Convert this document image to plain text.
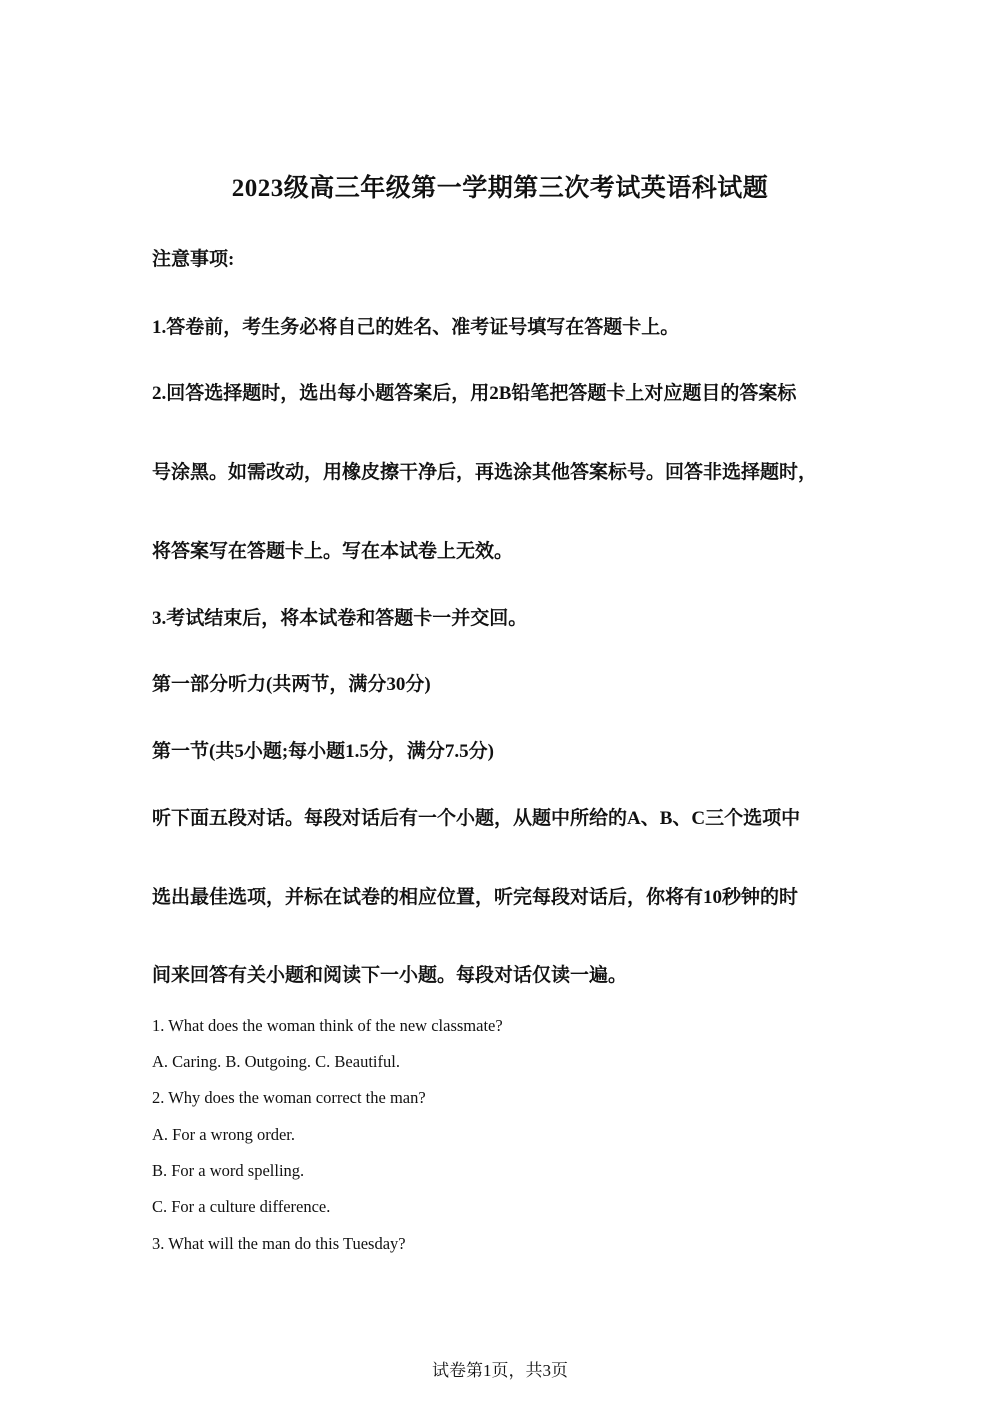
2023级高三年级第一学期第三次考试英语科试题
注意事项:
1.答卷前，考生务必将自己的姓名、准考证号填写在答题卡上。
2.回答选择题时，选出每小题答案后，用2B铅笔把答题卡上对应题目的答案标
号涂黑。如需改动，用橡皮擦干净后，再选涂其他答案标号。回答非选择题时，
将答案写在答题卡上。写在本试卷上无效。
3.考试结束后，将本试卷和答题卡一并交回。
第一部分听力(共两节，满分30分)
第一节(共5小题;每小题1.5分，满分7.5分)
听下面五段对话。每段对话后有一个小题，从题中所给的A、B、C三个选项中
选出最佳选项，并标在试卷的相应位置，听完每段对话后，你将有10秒钟的时
间来回答有关小题和阅读下一小题。每段对话仅读一遍。
1. What does the woman think of the new classmate?
A. Caring. B. Outgoing. C. Beautiful.
2. Why does the woman correct the man?
A. For a wrong order.
B. For a word spelling.
C. For a culture difference.
3. What will the man do this Tuesday?
试卷第1页，共3页
